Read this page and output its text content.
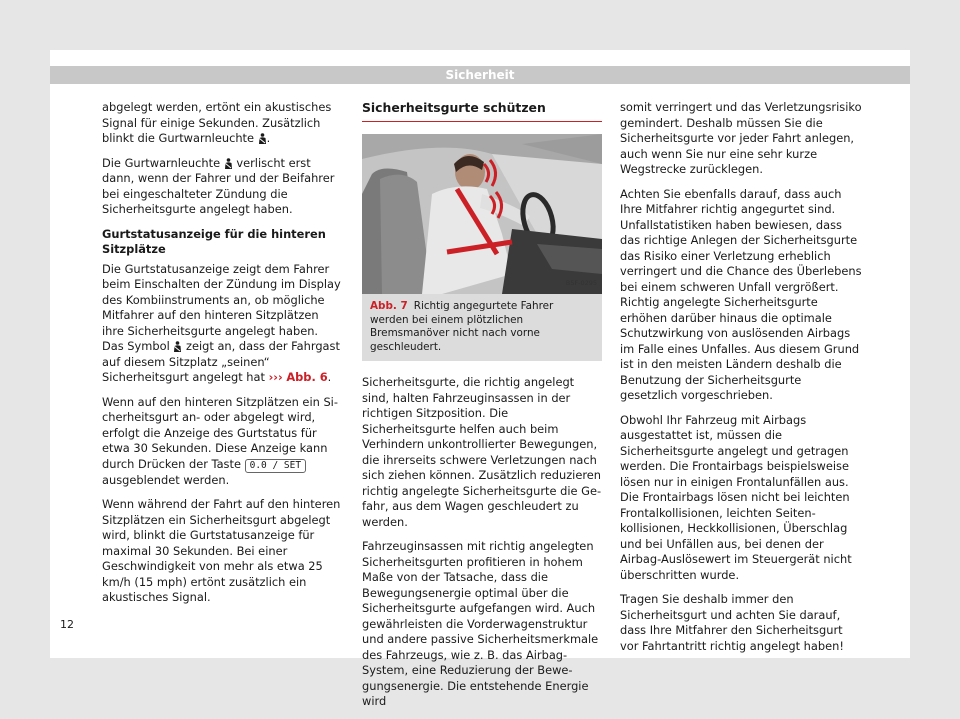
Sicherheit

abgelegt werden, ertönt ein akustisches Signal für einige Sekunden. Zusätzlich blinkt die Gurtwarnleuchte .

Die Gurtwarnleuchte  verlischt erst dann, wenn der Fahrer und der Beifahrer bei eingeschalteter Zündung die Sicherheitsgurte angelegt haben.

Gurtstatusanzeige für die hinteren Sitzplätze

Die Gurtstatusanzeige zeigt dem Fahrer beim Einschalten der Zündung im Display des Kombiinstruments an, ob mögliche Mitfahrer auf den hinteren Sitzplätzen ihre Sicherheitsgurte angelegt haben. Das Symbol  zeigt an, dass der Fahrgast auf diesem Sitzplatz „seinen“ Sicherheitsgurt angelegt hat ››› Abb. 6.

Wenn auf den hinteren Sitzplätzen ein Sicherheitsgurt an- oder abgelegt wird, erfolgt die Anzeige des Gurtstatus für etwa 30 Sekunden. Diese Anzeige kann durch Drücken der Taste 0.0 / SET ausgeblendet werden.

Wenn während der Fahrt auf den hinteren Sitzplätzen ein Sicherheitsgurt abgelegt wird, blinkt die Gurtstatusanzeige für maximal 30 Sekunden. Bei einer Geschwindigkeit von mehr als etwa 25 km/h (15 mph) ertönt zusätzlich ein akustisches Signal.

Sicherheitsgurte schützen
B5F-0295
Abb. 7 Richtig angegurtete Fahrer werden bei einem plötzlichen Bremsmanöver nicht nach vorne geschleudert.

Sicherheitsgurte, die richtig angelegt sind, halten Fahrzeuginsassen in der richtigen Sitzposition. Die Sicherheitsgurte helfen auch beim Verhindern unkontrollierter Bewegungen, die ihrerseits schwere Verletzungen nach sich ziehen können. Zusätzlich reduzieren richtig angelegte Sicherheitsgurte die Gefahr, aus dem Wagen geschleudert zu werden.

Fahrzeuginsassen mit richtig angelegten Sicherheitsgurten profitieren in hohem Maße von der Tatsache, dass die Bewegungsenergie optimal über die Sicherheitsgurte aufgefangen wird. Auch gewährleisten die Vorderwagenstruktur und andere passive Sicherheitsmerkmale des Fahrzeugs, wie z. B. das Airbag-System, eine Reduzierung der Bewegungsenergie. Die entstehende Energie wird

somit verringert und das Verletzungsrisiko gemindert. Deshalb müssen Sie die Sicherheitsgurte vor jeder Fahrt anlegen, auch wenn Sie nur eine sehr kurze Wegstrecke zurücklegen.

Achten Sie ebenfalls darauf, dass auch Ihre Mitfahrer richtig angegurtet sind. Unfallstatistiken haben bewiesen, dass das richtige Anlegen der Sicherheitsgurte das Risiko einer Verletzung erheblich verringert und die Chance des Überlebens bei einem schweren Unfall vergrößert. Richtig angelegte Sicherheitsgurte erhöhen darüber hinaus die optimale Schutzwirkung von auslösenden Airbags im Falle eines Unfalles. Aus diesem Grund ist in den meisten Ländern deshalb die Benutzung der Sicherheitsgurte gesetzlich vorgeschrieben.

Obwohl Ihr Fahrzeug mit Airbags ausgestattet ist, müssen die Sicherheitsgurte angelegt und getragen werden. Die Frontairbags beispielsweise lösen nur in einigen Frontalunfällen aus. Die Frontairbags lösen nicht bei leichten Frontalkollisionen, leichten Seitenkollisionen, Heckkollisionen, Überschlag und bei Unfällen aus, bei denen der Airbag-Auslösewert im Steuergerät nicht überschritten wurde.

Tragen Sie deshalb immer den Sicherheitsgurt und achten Sie darauf, dass Ihre Mitfahrer den Sicherheitsgurt vor Fahrtantritt richtig angelegt haben!

12
